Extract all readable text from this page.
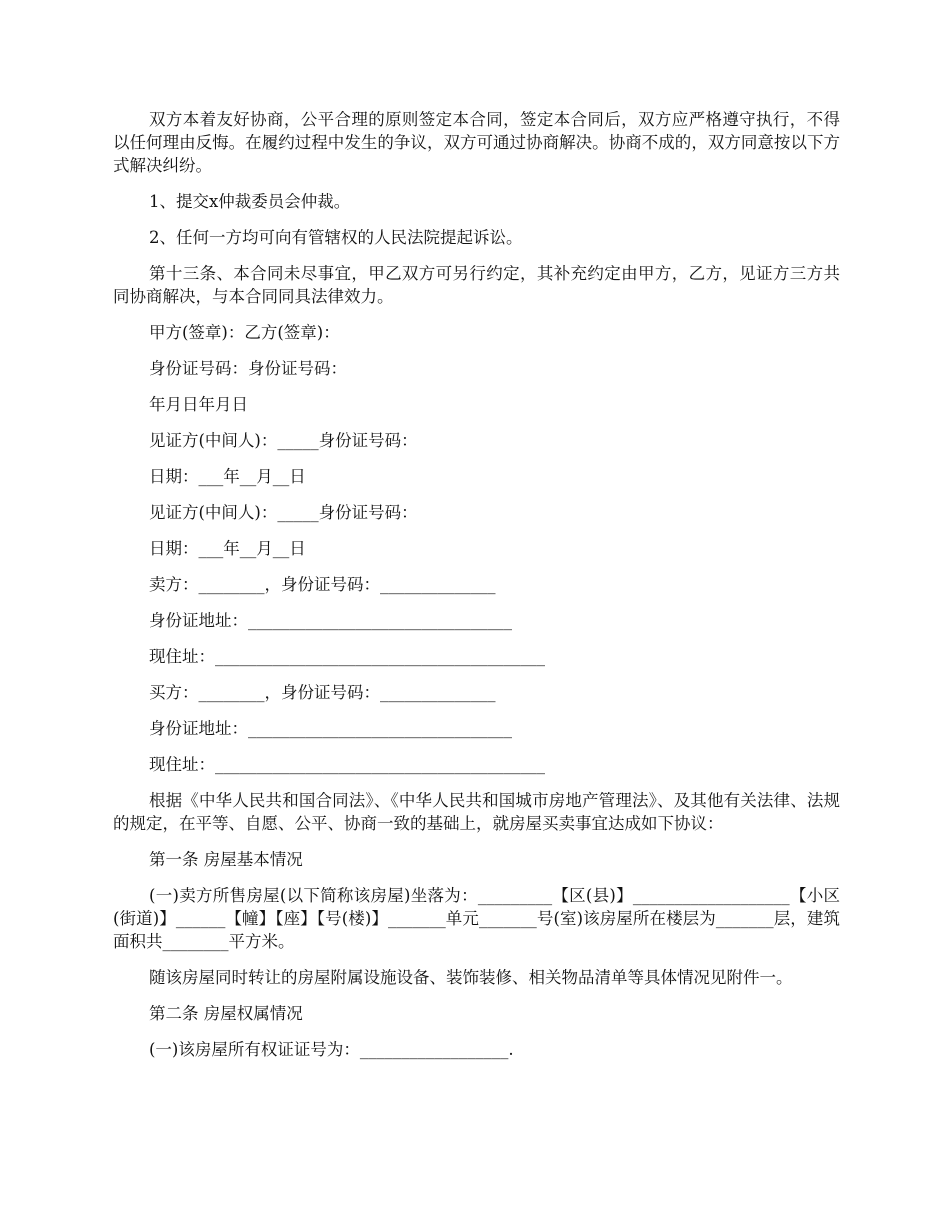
双方本着友好协商，公平合理的原则签定本合同，签定本合同后，双方应严格遵守执行，不得以任何理由反悔。在履约过程中发生的争议，双方可通过协商解决。协商不成的，双方同意按以下方式解决纠纷。

1、提交x仲裁委员会仲裁。

2、任何一方均可向有管辖权的人民法院提起诉讼。

第十三条、本合同未尽事宜，甲乙双方可另行约定，其补充约定由甲方，乙方，见证方三方共同协商解决，与本合同同具法律效力。

甲方(签章)：乙方(签章)：

身份证号码：身份证号码：

年月日年月日

见证方(中间人)：_____身份证号码：

日期：___年__月__日

见证方(中间人)：_____身份证号码：

日期：___年__月__日

卖方：________，身份证号码：______________

身份证地址：________________________________

现住址：________________________________________

买方：________，身份证号码：______________

身份证地址：________________________________

现住址：________________________________________

根据《中华人民共和国合同法》、《中华人民共和国城市房地产管理法》、及其他有关法律、法规的规定，在平等、自愿、公平、协商一致的基础上，就房屋买卖事宜达成如下协议：

第一条 房屋基本情况

(一)卖方所售房屋(以下简称该房屋)坐落为：_________【区(县)】___________________【小区(街道)】______【幢】【座】【号(楼)】_______单元_______号(室)该房屋所在楼层为_______层，建筑面积共________平方米。

随该房屋同时转让的房屋附属设施设备、装饰装修、相关物品清单等具体情况见附件一。

第二条 房屋权属情况

(一)该房屋所有权证证号为：__________________.
